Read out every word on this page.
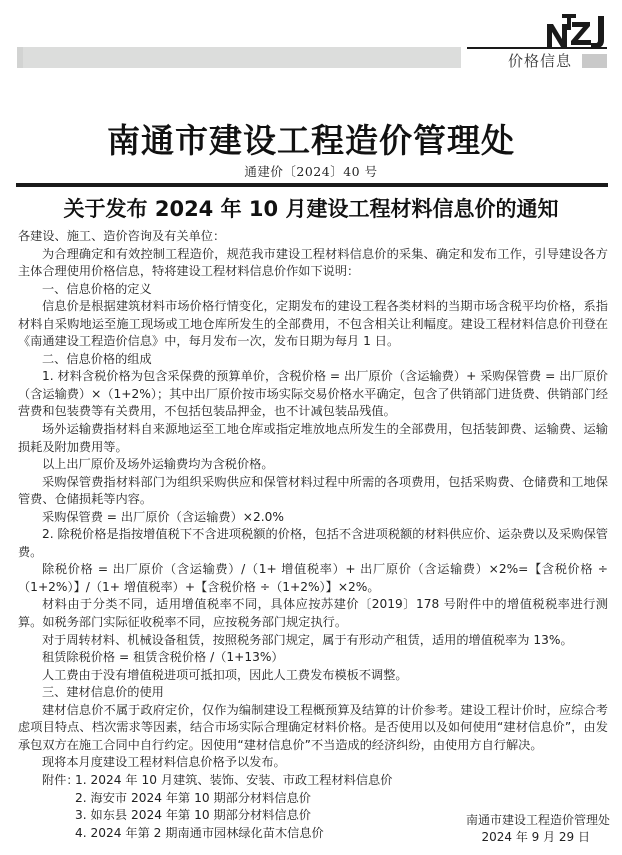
价格信息
南通市建设工程造价管理处
通建价〔2024〕40 号
关于发布 2024 年 10 月建设工程材料信息价的通知

各建设、施工、造价咨询及有关单位：

为合理确定和有效控制工程造价，规范我市建设工程材料信息价的采集、确定和发布工作，引导建设各方主体合理使用价格信息，特将建设工程材料信息价作如下说明：

一、信息价格的定义

信息价是根据建筑材料市场价格行情变化，定期发布的建设工程各类材料的当期市场含税平均价格，系指材料自采购地运至施工现场或工地仓库所发生的全部费用，不包含相关让利幅度。建设工程材料信息价刊登在《南通建设工程造价信息》中，每月发布一次，发布日期为每月 1 日。

二、信息价格的组成

1. 材料含税价格为包含采保费的预算单价，含税价格 = 出厂原价（含运输费）+ 采购保管费 = 出厂原价（含运输费）×（1+2%）；其中出厂原价按市场实际交易价格水平确定，包含了供销部门进货费、供销部门经营费和包装费等有关费用，不包括包装品押金，也不计减包装品残值。

场外运输费指材料自来源地运至工地仓库或指定堆放地点所发生的全部费用，包括装卸费、运输费、运输损耗及附加费用等。

以上出厂原价及场外运输费均为含税价格。

采购保管费指材料部门为组织采购供应和保管材料过程中所需的各项费用，包括采购费、仓储费和工地保管费、仓储损耗等内容。

采购保管费 = 出厂原价（含运输费）×2.0%

2. 除税价格是指按增值税下不含进项税额的价格，包括不含进项税额的材料供应价、运杂费以及采购保管费。

除税价格 = 出厂原价（含运输费）/（1+ 增值税率）+ 出厂原价（含运输费）×2%=【含税价格 ÷（1+2%）】/（1+ 增值税率）+【含税价格 ÷（1+2%）】×2%。

材料由于分类不同，适用增值税率不同，具体应按苏建价〔2019〕178 号附件中的增值税税率进行测算。如税务部门实际征收税率不同，应按税务部门规定执行。

对于周转材料、机械设备租赁，按照税务部门规定，属于有形动产租赁，适用的增值税率为 13%。

租赁除税价格 = 租赁含税价格 /（1+13%）

人工费由于没有增值税进项可抵扣项，因此人工费发布模板不调整。

三、建材信息价的使用

建材信息价不属于政府定价，仅作为编制建设工程概预算及结算的计价参考。建设工程计价时，应综合考虑项目特点、档次需求等因素，结合市场实际合理确定材料价格。是否使用以及如何使用“建材信息价”，由发承包双方在施工合同中自行约定。因使用“建材信息价”不当造成的经济纠纷，由使用方自行解决。

现将本月度建设工程材料信息价格予以发布。

附件：
1. 2024 年 10 月建筑、装饰、安装、市政工程材料信息价

2. 海安市 2024 年第 10 期部分材料信息价

3. 如东县 2024 年第 10 期部分材料信息价

4. 2024 年第 2 期南通市园林绿化苗木信息价

南通市建设工程造价管理处
2024 年 9 月 29 日
